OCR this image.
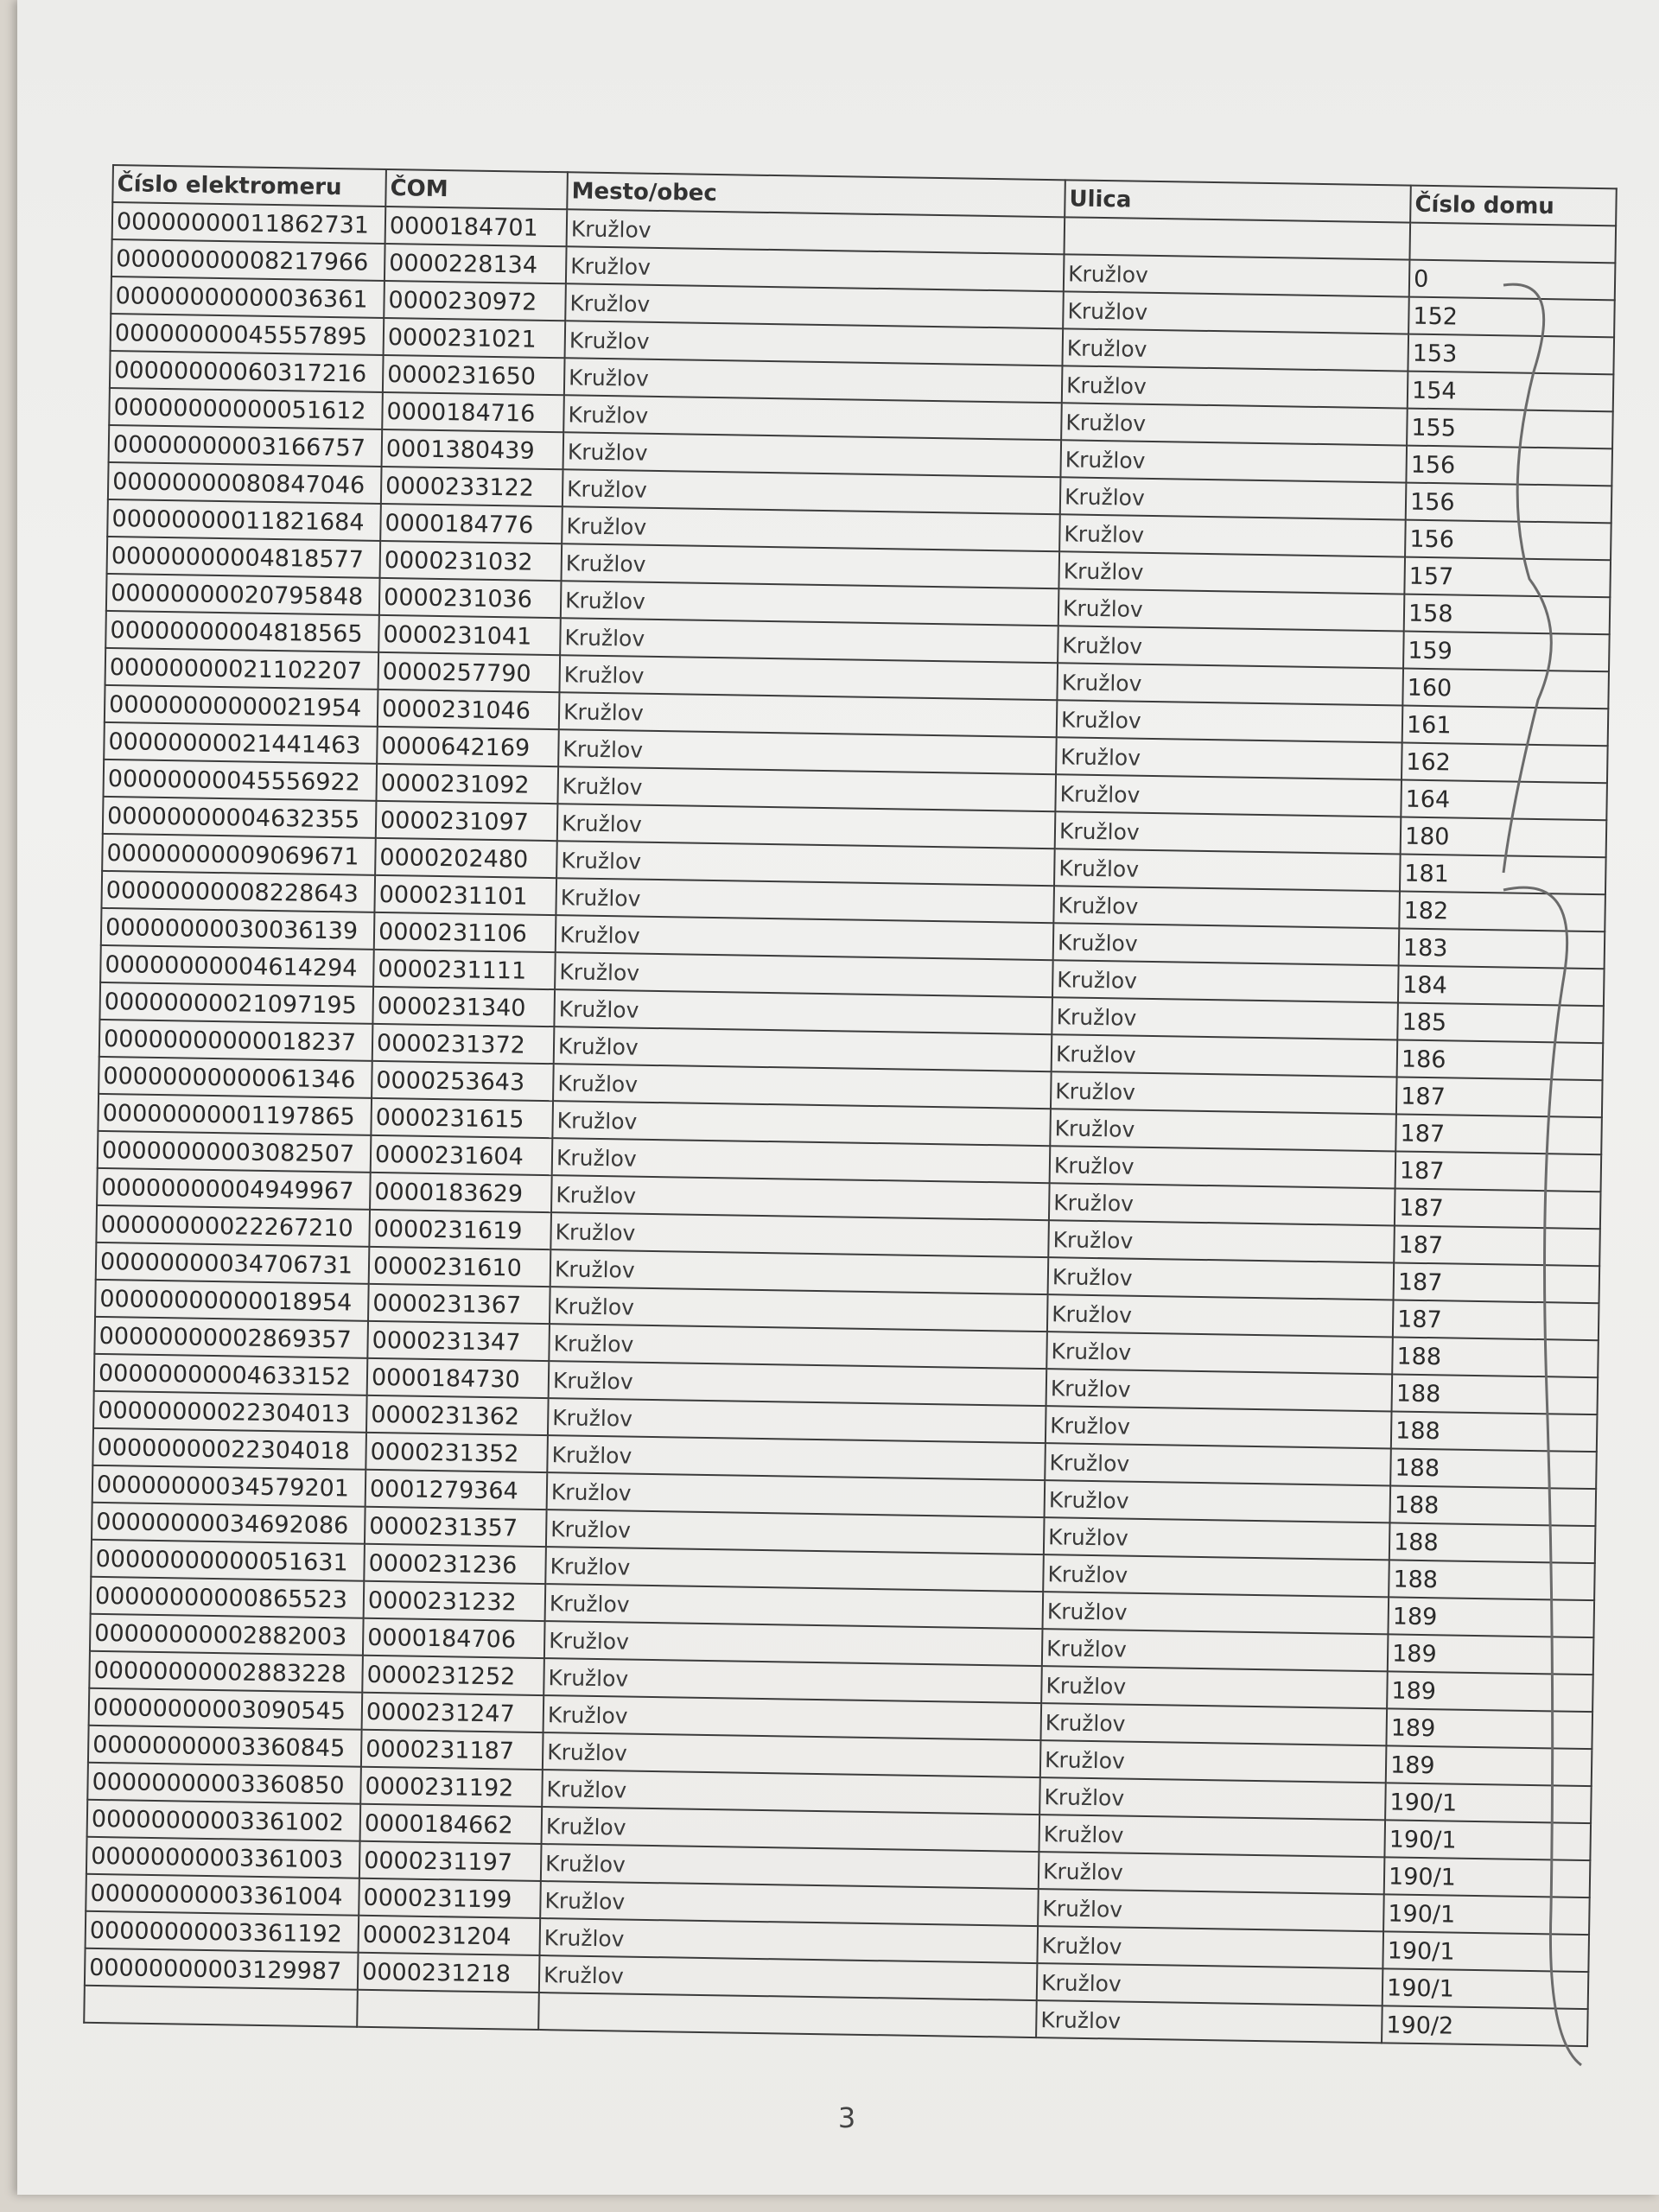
Číslo elektromeru	ČOM	Mesto/obec	Ulica	Číslo domu
00000000011862731	0000184701	Kružlov		
00000000008217966	0000228134	Kružlov	Kružlov	0
00000000000036361	0000230972	Kružlov	Kružlov	152
00000000045557895	0000231021	Kružlov	Kružlov	153
00000000060317216	0000231650	Kružlov	Kružlov	154
00000000000051612	0000184716	Kružlov	Kružlov	155
00000000003166757	0001380439	Kružlov	Kružlov	156
00000000080847046	0000233122	Kružlov	Kružlov	156
00000000011821684	0000184776	Kružlov	Kružlov	156
00000000004818577	0000231032	Kružlov	Kružlov	157
00000000020795848	0000231036	Kružlov	Kružlov	158
00000000004818565	0000231041	Kružlov	Kružlov	159
00000000021102207	0000257790	Kružlov	Kružlov	160
00000000000021954	0000231046	Kružlov	Kružlov	161
00000000021441463	0000642169	Kružlov	Kružlov	162
00000000045556922	0000231092	Kružlov	Kružlov	164
00000000004632355	0000231097	Kružlov	Kružlov	180
00000000009069671	0000202480	Kružlov	Kružlov	181
00000000008228643	0000231101	Kružlov	Kružlov	182
00000000030036139	0000231106	Kružlov	Kružlov	183
00000000004614294	0000231111	Kružlov	Kružlov	184
00000000021097195	0000231340	Kružlov	Kružlov	185
00000000000018237	0000231372	Kružlov	Kružlov	186
00000000000061346	0000253643	Kružlov	Kružlov	187
00000000001197865	0000231615	Kružlov	Kružlov	187
00000000003082507	0000231604	Kružlov	Kružlov	187
00000000004949967	0000183629	Kružlov	Kružlov	187
00000000022267210	0000231619	Kružlov	Kružlov	187
00000000034706731	0000231610	Kružlov	Kružlov	187
00000000000018954	0000231367	Kružlov	Kružlov	187
00000000002869357	0000231347	Kružlov	Kružlov	188
00000000004633152	0000184730	Kružlov	Kružlov	188
00000000022304013	0000231362	Kružlov	Kružlov	188
00000000022304018	0000231352	Kružlov	Kružlov	188
00000000034579201	0001279364	Kružlov	Kružlov	188
00000000034692086	0000231357	Kružlov	Kružlov	188
00000000000051631	0000231236	Kružlov	Kružlov	188
00000000000865523	0000231232	Kružlov	Kružlov	189
00000000002882003	0000184706	Kružlov	Kružlov	189
00000000002883228	0000231252	Kružlov	Kružlov	189
00000000003090545	0000231247	Kružlov	Kružlov	189
00000000003360845	0000231187	Kružlov	Kružlov	189
00000000003360850	0000231192	Kružlov	Kružlov	190/1
00000000003361002	0000184662	Kružlov	Kružlov	190/1
00000000003361003	0000231197	Kružlov	Kružlov	190/1
00000000003361004	0000231199	Kružlov	Kružlov	190/1
00000000003361192	0000231204	Kružlov	Kružlov	190/1
00000000003129987	0000231218	Kružlov	Kružlov	190/1
			Kružlov	190/2
3
